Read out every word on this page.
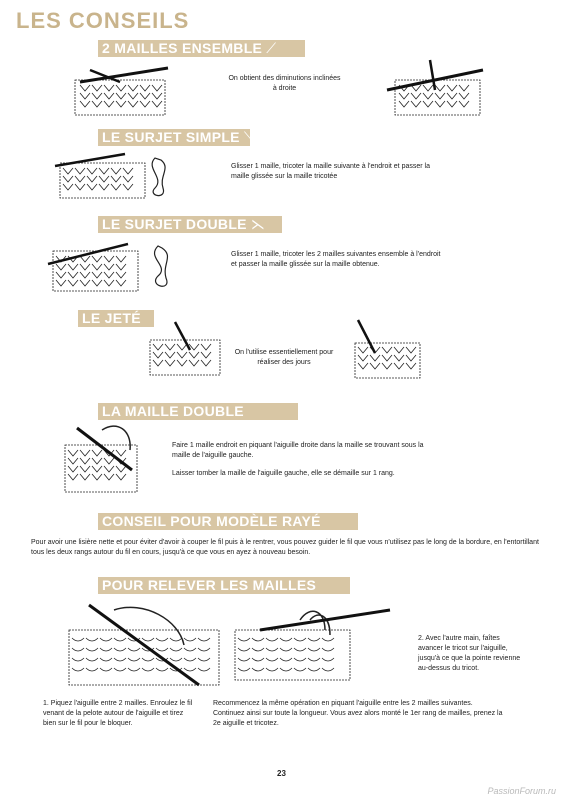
LES CONSEILS
2 MAILLES ENSEMBLE ⟋
On obtient des diminutions inclinées à droite
LE SURJET SIMPLE ⟍
Glisser 1 maille, tricoter la maille suivante à l'endroit et passer la maille glissée sur la maille tricotée
LE SURJET DOUBLE ⋋
Glisser 1 maille, tricoter les 2 mailles suivantes ensemble à l'endroit et passer la maille glissée sur la maille obtenue.
LE JETÉ
On l'utilise essentiellement pour réaliser des jours
LA MAILLE DOUBLE
Faire 1 maille endroit en piquant l'aiguille droite dans la maille se trouvant sous la maille de l'aiguille gauche.
Laisser tomber la maille de l'aiguille gauche, elle se démaille sur 1 rang.
CONSEIL POUR MODÈLE RAYÉ
Pour avoir une lisière nette et pour éviter d'avoir à couper le fil puis à le rentrer, vous pouvez guider le fil que vous n'utilisez pas le long de la bordure, en l'entortillant tous les deux rangs autour du fil en cours, jusqu'à ce que vous en ayez à nouveau besoin.
POUR RELEVER LES MAILLES
2. Avec l'autre main, faîtes avancer le tricot sur l'aiguille, jusqu'à ce que la pointe revienne au-dessus du tricot.
1. Piquez l'aiguille entre 2 mailles. Enroulez le fil venant de la pelote autour de l'aiguille et tirez bien sur le fil pour le bloquer.
Recommencez la même opération en piquant l'aiguille entre les 2 mailles suivantes. Continuez ainsi sur toute la longueur. Vous avez alors monté le 1er rang de mailles, prenez la 2e aiguille et tricotez.
23
PassionForum.ru
